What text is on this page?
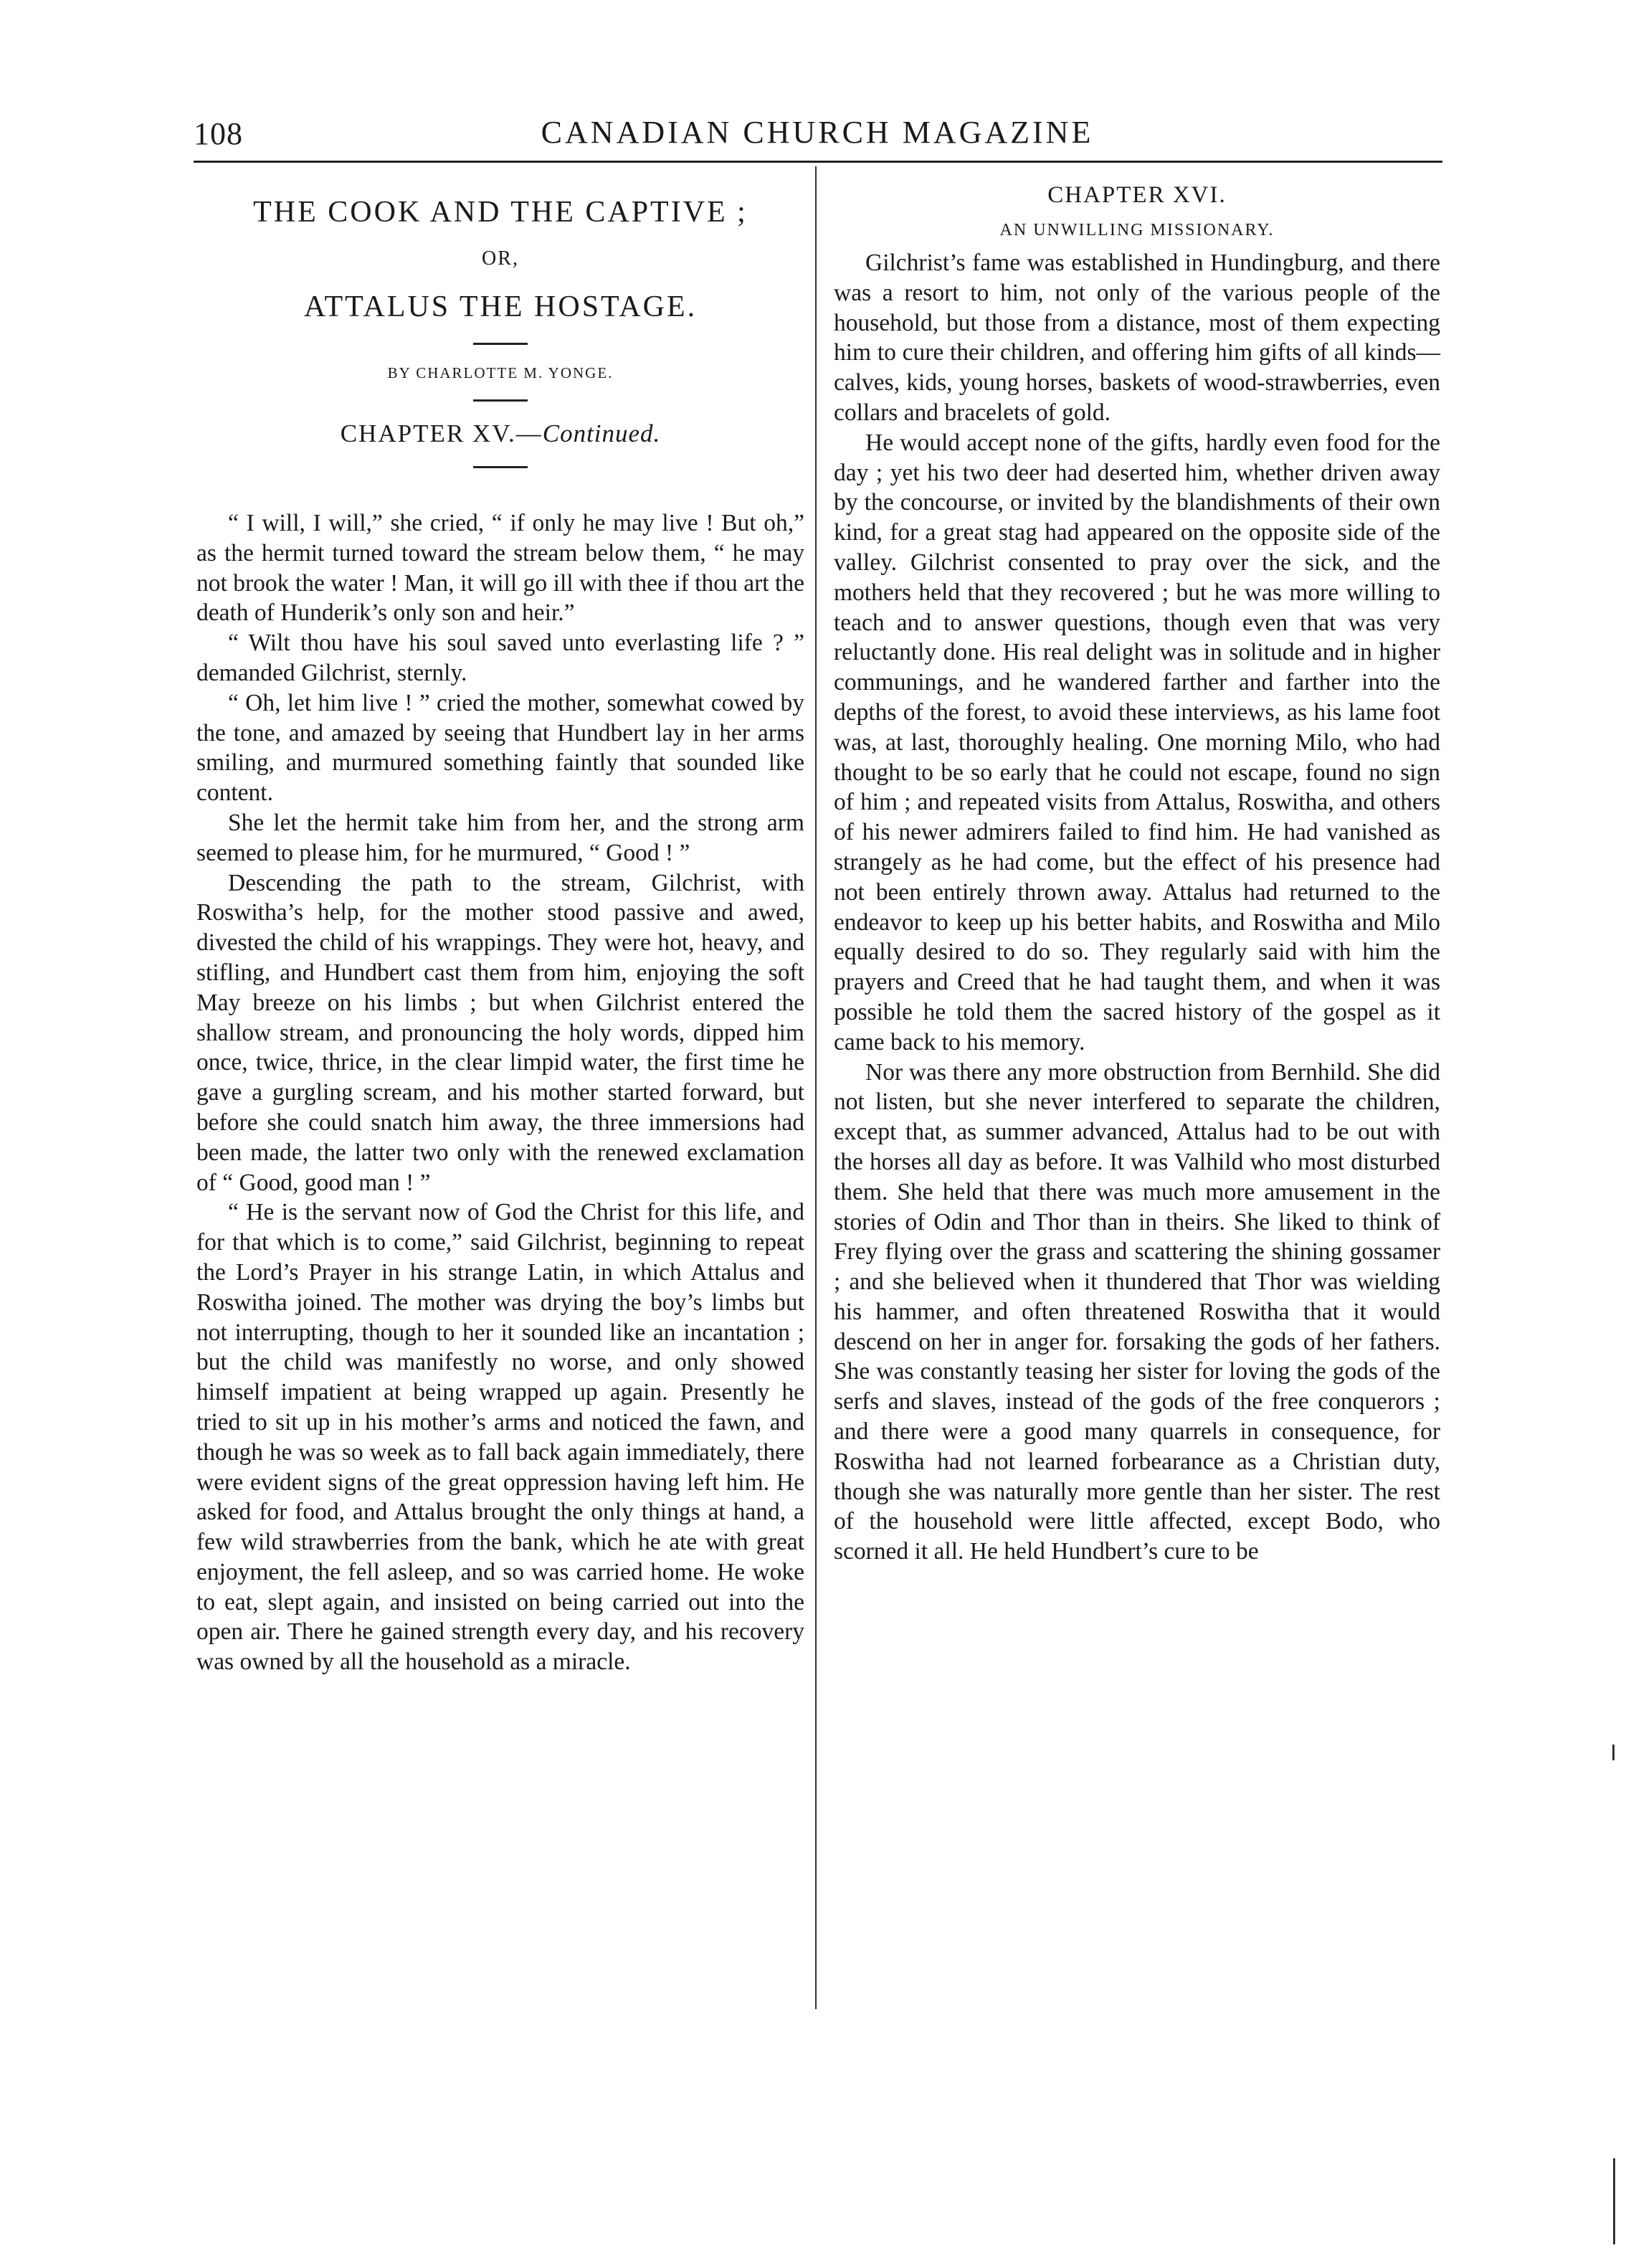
108	CANADIAN CHURCH MAGAZINE
THE COOK AND THE CAPTIVE ;
OR,
ATTALUS THE HOSTAGE.
BY CHARLOTTE M. YONGE.
CHAPTER XV.—Continued.

“ I will, I will,” she cried, “ if only he may live ! But oh,” as the hermit turned toward the stream below them, “ he may not brook the water ! Man, it will go ill with thee if thou art the death of Hunderik’s only son and heir.”

“ Wilt thou have his soul saved unto everlasting life ? ” demanded Gilchrist, sternly.

“ Oh, let him live ! ” cried the mother, somewhat cowed by the tone, and amazed by seeing that Hundbert lay in her arms smiling, and murmured something faintly that sounded like content.

She let the hermit take him from her, and the strong arm seemed to please him, for he murmured, “ Good ! ”

Descending the path to the stream, Gilchrist, with Roswitha’s help, for the mother stood passive and awed, divested the child of his wrappings. They were hot, heavy, and stifling, and Hundbert cast them from him, enjoying the soft May breeze on his limbs ; but when Gilchrist entered the shallow stream, and pronouncing the holy words, dipped him once, twice, thrice, in the clear limpid water, the first time he gave a gurgling scream, and his mother started forward, but before she could snatch him away, the three immersions had been made, the latter two only with the renewed exclamation of “ Good, good man ! ”

“ He is the servant now of God the Christ for this life, and for that which is to come,” said Gilchrist, beginning to repeat the Lord’s Prayer in his strange Latin, in which Attalus and Roswitha joined. The mother was drying the boy’s limbs but not interrupting, though to her it sounded like an incantation ; but the child was manifestly no worse, and only showed himself impatient at being wrapped up again. Presently he tried to sit up in his mother’s arms and noticed the fawn, and though he was so week as to fall back again immediately, there were evident signs of the great oppression having left him. He asked for food, and Attalus brought the only things at hand, a few wild strawberries from the bank, which he ate with great enjoyment, the fell asleep, and so was carried home. He woke to eat, slept again, and insisted on being carried out into the open air. There he gained strength every day, and his recovery was owned by all the household as a miracle.

CHAPTER XVI.
AN UNWILLING MISSIONARY.

Gilchrist’s fame was established in Hundingburg, and there was a resort to him, not only of the various people of the household, but those from a distance, most of them expecting him to cure their children, and offering him gifts of all kinds—calves, kids, young horses, baskets of wood-strawberries, even collars and bracelets of gold.

He would accept none of the gifts, hardly even food for the day ; yet his two deer had deserted him, whether driven away by the concourse, or invited by the blandishments of their own kind, for a great stag had appeared on the opposite side of the valley. Gilchrist consented to pray over the sick, and the mothers held that they recovered ; but he was more willing to teach and to answer questions, though even that was very reluctantly done. His real delight was in solitude and in higher communings, and he wandered farther and farther into the depths of the forest, to avoid these interviews, as his lame foot was, at last, thoroughly healing. One morning Milo, who had thought to be so early that he could not escape, found no sign of him ; and repeated visits from Attalus, Roswitha, and others of his newer admirers failed to find him. He had vanished as strangely as he had come, but the effect of his presence had not been entirely thrown away. Attalus had returned to the endeavor to keep up his better habits, and Roswitha and Milo equally desired to do so. They regularly said with him the prayers and Creed that he had taught them, and when it was possible he told them the sacred history of the gospel as it came back to his memory.

Nor was there any more obstruction from Bernhild. She did not listen, but she never interfered to separate the children, except that, as summer advanced, Attalus had to be out with the horses all day as before. It was Valhild who most disturbed them. She held that there was much more amusement in the stories of Odin and Thor than in theirs. She liked to think of Frey flying over the grass and scattering the shining gossamer ; and she believed when it thundered that Thor was wielding his hammer, and often threatened Roswitha that it would descend on her in anger for. forsaking the gods of her fathers. She was constantly teasing her sister for loving the gods of the serfs and slaves, instead of the gods of the free conquerors ; and there were a good many quarrels in consequence, for Roswitha had not learned forbearance as a Christian duty, though she was naturally more gentle than her sister. The rest of the household were little affected, except Bodo, who scorned it all. He held Hundbert’s cure to be
